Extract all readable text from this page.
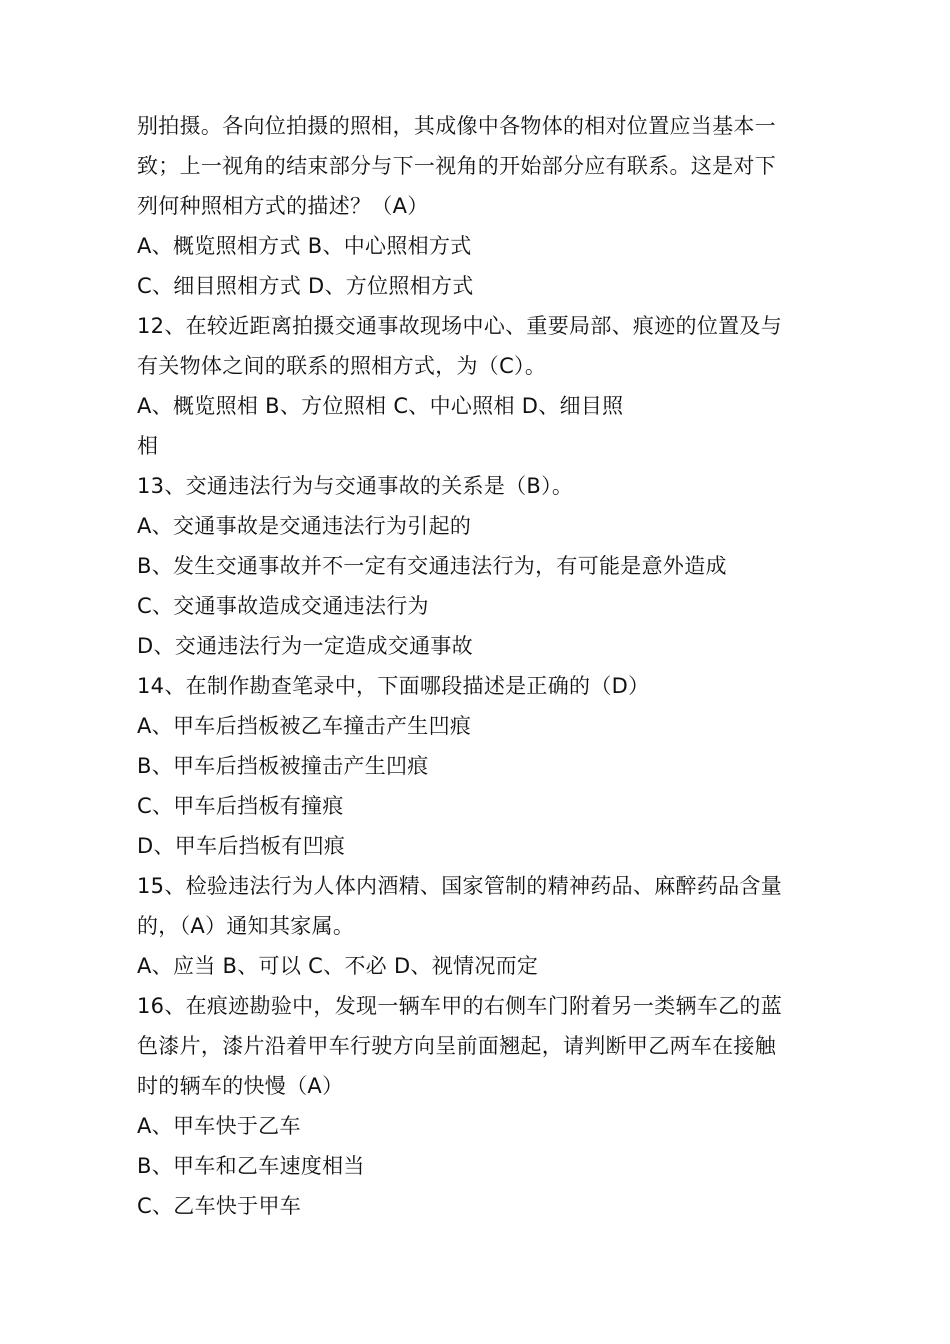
别拍摄。各向位拍摄的照相，其成像中各物体的相对位置应当基本一
致；上一视角的结束部分与下一视角的开始部分应有联系。这是对下
列何种照相方式的描述？（A）
A、概览照相方式 B、中心照相方式
C、细目照相方式 D、方位照相方式
12、在较近距离拍摄交通事故现场中心、重要局部、痕迹的位置及与
有关物体之间的联系的照相方式，为（C）。
A、概览照相 B、方位照相 C、中心照相 D、细目照
相
13、交通违法行为与交通事故的关系是（B）。
A、交通事故是交通违法行为引起的
B、发生交通事故并不一定有交通违法行为，有可能是意外造成
C、交通事故造成交通违法行为
D、交通违法行为一定造成交通事故
14、在制作勘查笔录中，下面哪段描述是正确的（D）
A、甲车后挡板被乙车撞击产生凹痕
B、甲车后挡板被撞击产生凹痕
C、甲车后挡板有撞痕
D、甲车后挡板有凹痕
15、检验违法行为人体内酒精、国家管制的精神药品、麻醉药品含量
的，（A）通知其家属。
A、应当 B、可以 C、不必 D、视情况而定
16、在痕迹勘验中，发现一辆车甲的右侧车门附着另一类辆车乙的蓝
色漆片，漆片沿着甲车行驶方向呈前面翘起，请判断甲乙两车在接触
时的辆车的快慢（A）
A、甲车快于乙车
B、甲车和乙车速度相当
C、乙车快于甲车
